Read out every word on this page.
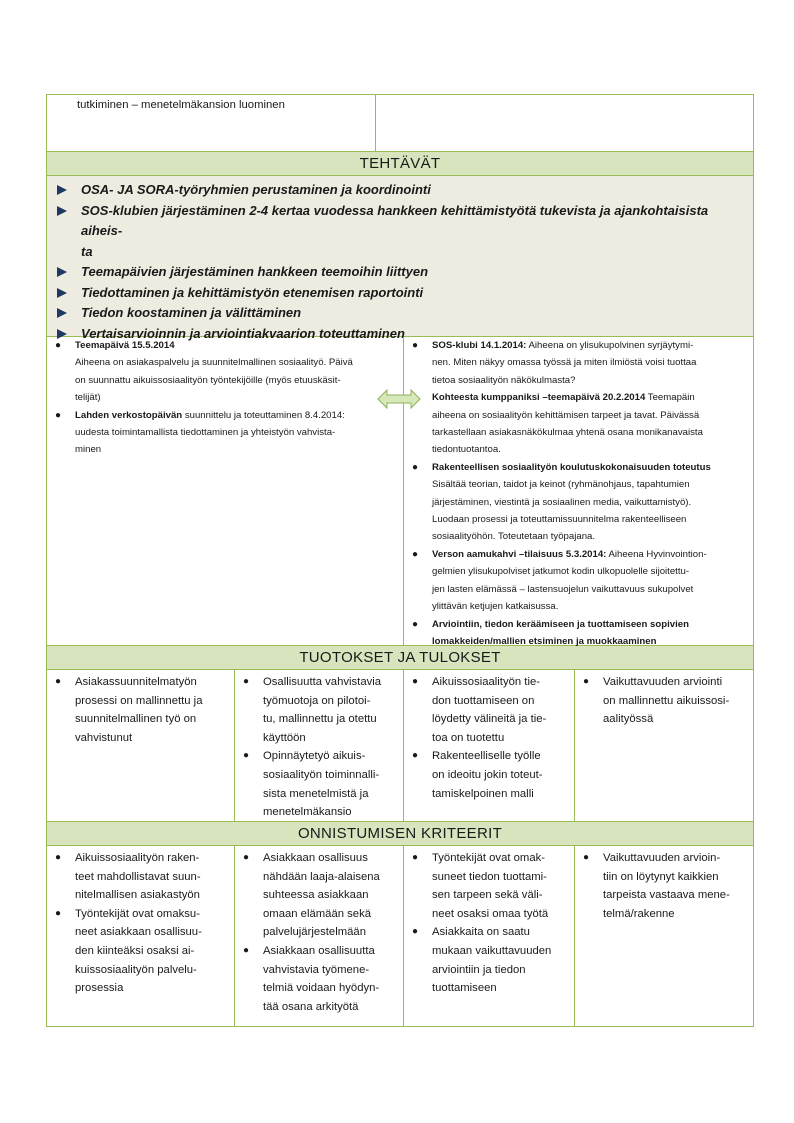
tutkiminen – menetelmäkansion luominen
TEHTÄVÄT
OSA- JA SORA-työryhmien perustaminen ja koordinointi
SOS-klubien järjestäminen 2-4 kertaa vuodessa hankkeen kehittämistyötä tukevista ja ajankohtaisista aiheis-
ta
Teemapäivien järjestäminen hankkeen teemoihin liittyen
Tiedottaminen ja kehittämistyön etenemisen raportointi
Tiedon koostaminen ja välittäminen
Vertaisarvioinnin ja arviointiakvaarion toteuttaminen
● Teemapäivä 15.5.2014
Aiheena on asiakaspalvelu ja suunnitelmallinen sosiaalityö. Päivä
on suunnattu aikuissosiaalityön työntekijöille (myös etuuskäsit-
telijät)
● Lahden verkostopäivän suunnittelu ja toteuttaminen 8.4.2014:
uudesta toimintamallista tiedottaminen ja yhteistyön vahvista-
minen
● SOS-klubi 14.1.2014: Aiheena on ylisukupolvinen syrjäytymi-
nen. Miten näkyy omassa työssä ja miten ilmiöstä voisi tuottaa
tietoa sosiaalityön näkökulmasta?
Kohteesta kumppaniksi –teemapäivä 20.2.2014 Teemapäin
aiheena on sosiaalityön kehittämisen tarpeet ja tavat. Päivässä
tarkastellaan asiakasnäkökulmaa yhtenä osana monikanavaista
tiedontuotantoa.
● Rakenteellisen sosiaalityön koulutuskokonaisuuden toteutus
Sisältää teorian, taidot ja keinot (ryhmänohjaus, tapahtumien
järjestäminen, viestintä ja sosiaalinen media, vaikuttamistyö).
Luodaan prosessi ja toteuttamissuunnitelma rakenteelliseen
sosiaalityöhön. Toteutetaan työpajana.
● Verson aamukahvi –tilaisuus 5.3.2014: Aiheena Hyvinvointion-
gelmien ylisukupolviset jatkumot kodin ulkopuolelle sijoitettu-
jen lasten elämässä – lastensuojelun vaikuttavuus sukupolvet
ylittävän ketjujen katkaisussa.
● Arviointiin, tiedon keräämiseen ja tuottamiseen sopivien
lomakkeiden/mallien etsiminen ja muokkaaminen
TUOTOKSET JA TULOKSET
● Asiakassuunnitelmatyön
prosessi on mallinnettu ja
suunnitelmallinen työ on
vahvistunut
● Osallisuutta vahvistavia
työmuotoja on pilotoi-
tu, mallinnettu ja otettu
käyttöön
● Opinnäytetyö aikuis-
sosiaalityön toiminnalli-
sista menetelmistä ja
menetelmäkansio
● Aikuissosiaalityön tie-
don tuottamiseen on
löydetty välineitä ja tie-
toa on tuotettu
● Rakenteelliselle työlle
on ideoitu jokin toteut-
tamiskelpoinen malli
● Vaikuttavuuden arviointi
on mallinnettu aikuissosi-
aalityössä
ONNISTUMISEN KRITEERIT
● Aikuissosiaalityön raken-
teet mahdollistavat suun-
nitelmallisen asiakastyön
● Työntekijät ovat omaksu-
neet asiakkaan osallisuu-
den kiinteäksi osaksi ai-
kuissosiaalityön palvelu-
prosessia
● Asiakkaan osallisuus
nähdään laaja-alaisena
suhteessa asiakkaan
omaan elämään sekä
palvelujärjestelmään
● Asiakkaan osallisuutta
vahvistavia työmene-
telmiä voidaan hyödyn-
tää osana arkityötä
● Työntekijät ovat omak-
suneet tiedon tuottami-
sen tarpeen sekä väli-
neet osaksi omaa työtä
● Asiakkaita on saatu
mukaan vaikuttavuuden
arviointiin ja tiedon
tuottamiseen
● Vaikuttavuuden arvioin-
tiin on löytynyt kaikkien
tarpeista vastaava mene-
telmä/rakenne
